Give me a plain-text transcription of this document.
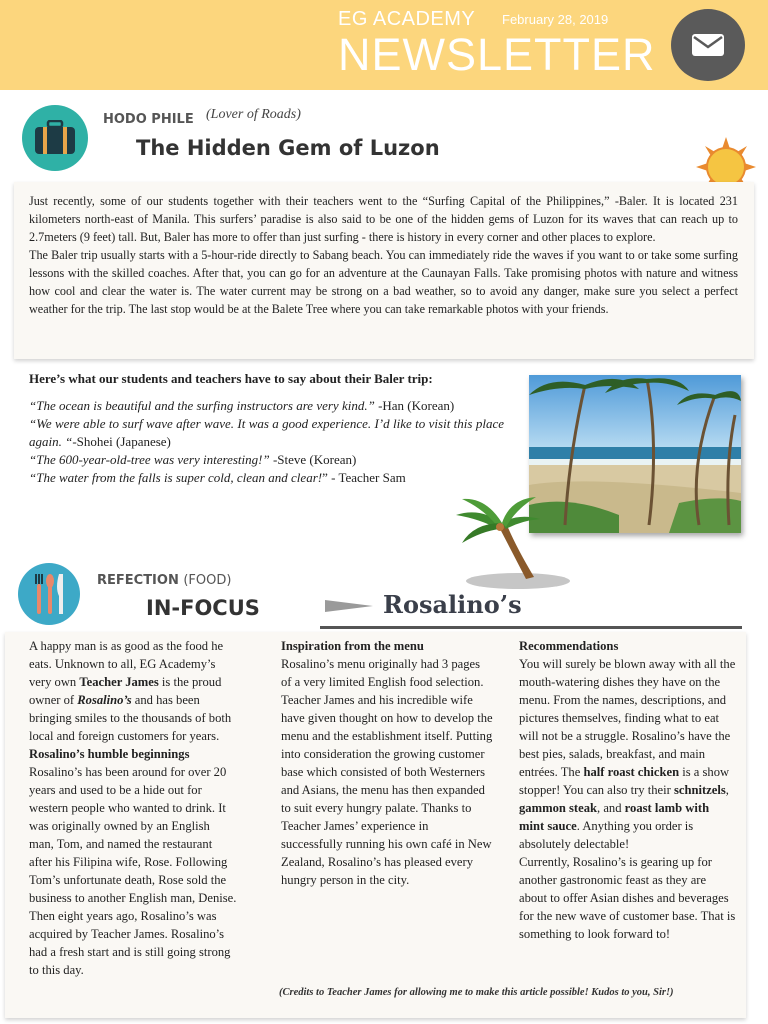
EG ACADEMY February 28, 2019
NEWSLETTER
HODO PHILE (Lover of Roads)
The Hidden Gem of Luzon

Just recently, some of our students together with their teachers went to the “Surfing Capital of the Philippines,” -Baler. It is located 231 kilometers north-east of Manila. This surfers’ paradise is also said to be one of the hidden gems of Luzon for its waves that can reach up to 2.7meters (9 feet) tall. But, Baler has more to offer than just surfing - there is history in every corner and other places to explore.

The Baler trip usually starts with a 5-hour-ride directly to Sabang beach. You can immediately ride the waves if you want to or take some surfing lessons with the skilled coaches. After that, you can go for an adventure at the Caunayan Falls. Take promising photos with nature and witness how cool and clear the water is. The water current may be strong on a bad weather, so to avoid any danger, make sure you select a perfect weather for the trip. The last stop would be at the Balete Tree where you can take remarkable photos with your friends.

Here’s what our students and teachers have to say about their Baler trip:

“The ocean is beautiful and the surfing instructors are very kind.” -Han (Korean)

“We were able to surf wave after wave. It was a good experience. I’d like to visit this place again. “-Shohei (Japanese)

“The 600-year-old-tree was very interesting!” -Steve (Korean)

“The water from the falls is super cold, clean and clear!” - Teacher Sam

REFECTION (FOOD)
IN-FOCUS	Rosalino’s

A happy man is as good as the food he eats. Unknown to all, EG Academy’s very own Teacher James is the proud owner of Rosalino’s and has been bringing smiles to the thousands of both local and foreign customers for years.

Rosalino’s humble beginnings

Rosalino’s has been around for over 20 years and used to be a hide out for western people who wanted to drink. It was originally owned by an English man, Tom, and named the restaurant after his Filipina wife, Rose. Following Tom’s unfortunate death, Rose sold the business to another English man, Denise. Then eight years ago, Rosalino’s was acquired by Teacher James. Rosalino’s had a fresh start and is still going strong to this day.

Inspiration from the menu

Rosalino’s menu originally had 3 pages of a very limited English food selection. Teacher James and his incredible wife have given thought on how to develop the menu and the establishment itself. Putting into consideration the growing customer base which consisted of both Westerners and Asians, the menu has then expanded to suit every hungry palate. Thanks to Teacher James’ experience in successfully running his own café in New Zealand, Rosalino’s has pleased every hungry person in the city.

Recommendations

You will surely be blown away with all the mouth-watering dishes they have on the menu. From the names, descriptions, and pictures themselves, finding what to eat will not be a struggle. Rosalino’s have the best pies, salads, breakfast, and main entrées. The half roast chicken is a show stopper! You can also try their schnitzels, gammon steak, and roast lamb with mint sauce. Anything you order is absolutely delectable!

Currently, Rosalino’s is gearing up for another gastronomic feast as they are about to offer Asian dishes and beverages for the new wave of customer base. That is something to look forward to!

(Credits to Teacher James for allowing me to make this article possible! Kudos to you, Sir!)
